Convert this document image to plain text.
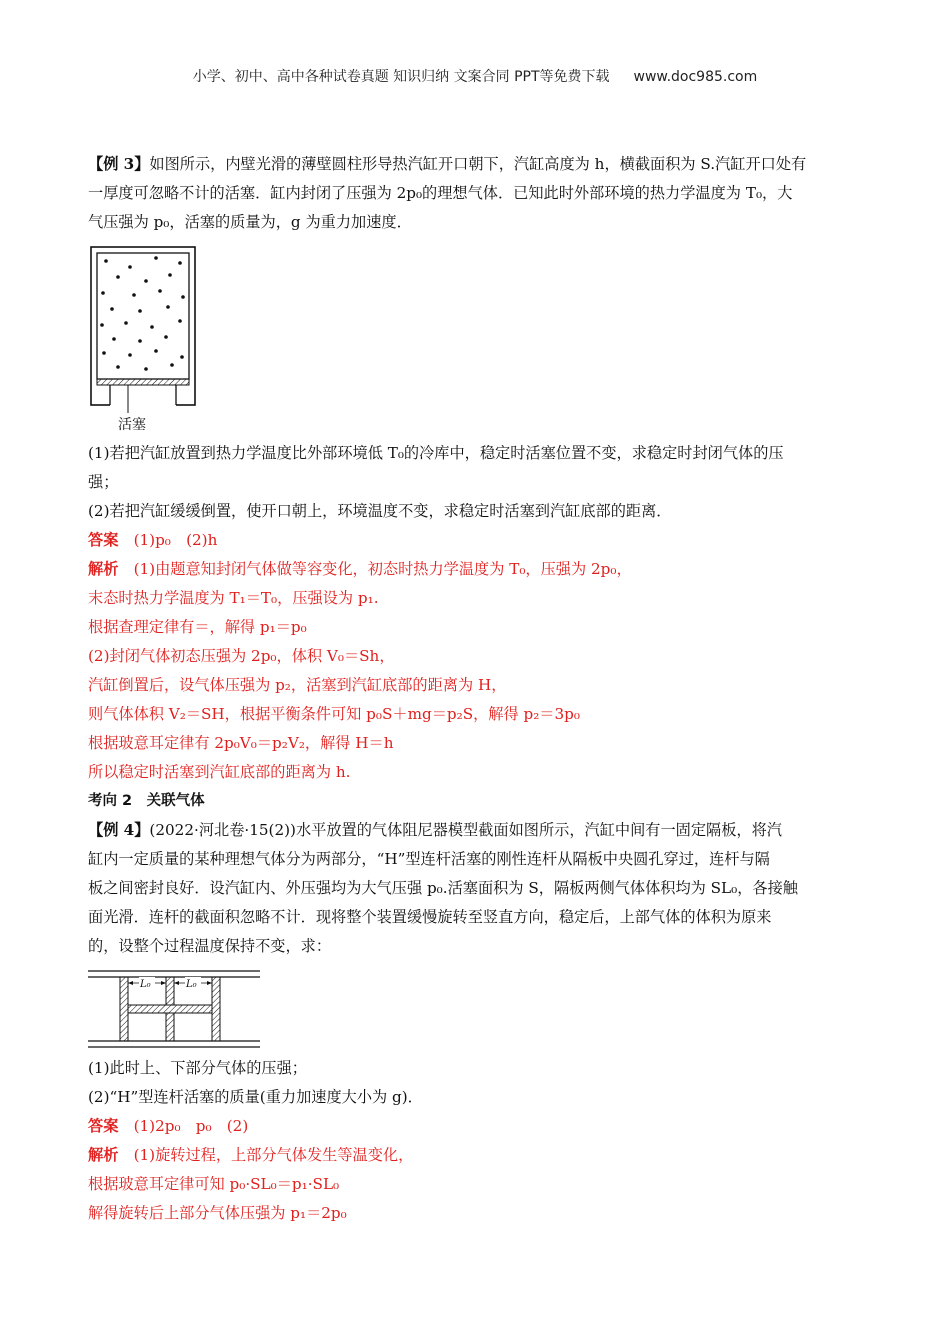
小学、初中、高中各种试卷真题 知识归纳 文案合同 PPT等免费下载 www.doc985.com
【例 3】如图所示，内壁光滑的薄壁圆柱形导热汽缸开口朝下，汽缸高度为 h，横截面积为 S.汽缸开口处有
一厚度可忽略不计的活塞．缸内封闭了压强为 2p₀的理想气体．已知此时外部环境的热力学温度为 T₀，大
气压强为 p₀，活塞的质量为，g 为重力加速度．
活塞
(1)若把汽缸放置到热力学温度比外部环境低 T₀的冷库中，稳定时活塞位置不变，求稳定时封闭气体的压
强；
(2)若把汽缸缓缓倒置，使开口朝上，环境温度不变，求稳定时活塞到汽缸底部的距离．
答案　 (1)p₀　(2)h
解析　 (1)由题意知封闭气体做等容变化，初态时热力学温度为 T₀，压强为 2p₀，
末态时热力学温度为 T₁＝T₀，压强设为 p₁.
根据查理定律有＝，解得 p₁＝p₀
(2)封闭气体初态压强为 2p₀，体积 V₀＝Sh，
汽缸倒置后，设气体压强为 p₂，活塞到汽缸底部的距离为 H，
则气体体积 V₂＝SH，根据平衡条件可知 p₀S＋mg＝p₂S，解得 p₂＝3p₀
根据玻意耳定律有 2p₀V₀＝p₂V₂，解得 H＝h
所以稳定时活塞到汽缸底部的距离为 h.
考向 2　关联气体
【例 4】(2022·河北卷·15(2))水平放置的气体阻尼器模型截面如图所示，汽缸中间有一固定隔板，将汽
缸内一定质量的某种理想气体分为两部分，“H”型连杆活塞的刚性连杆从隔板中央圆孔穿过，连杆与隔
板之间密封良好．设汽缸内、外压强均为大气压强 p₀.活塞面积为 S，隔板两侧气体体积均为 SL₀，各接触
面光滑．连杆的截面积忽略不计．现将整个装置缓慢旋转至竖直方向，稳定后，上部气体的体积为原来
的，设整个过程温度保持不变，求：
L₀	L₀
(1)此时上、下部分气体的压强；
(2)“H”型连杆活塞的质量(重力加速度大小为 g)．
答案　 (1)2p₀　p₀　(2)
解析　 (1)旋转过程，上部分气体发生等温变化，
根据玻意耳定律可知 p₀·SL₀＝p₁·SL₀
解得旋转后上部分气体压强为 p₁＝2p₀
